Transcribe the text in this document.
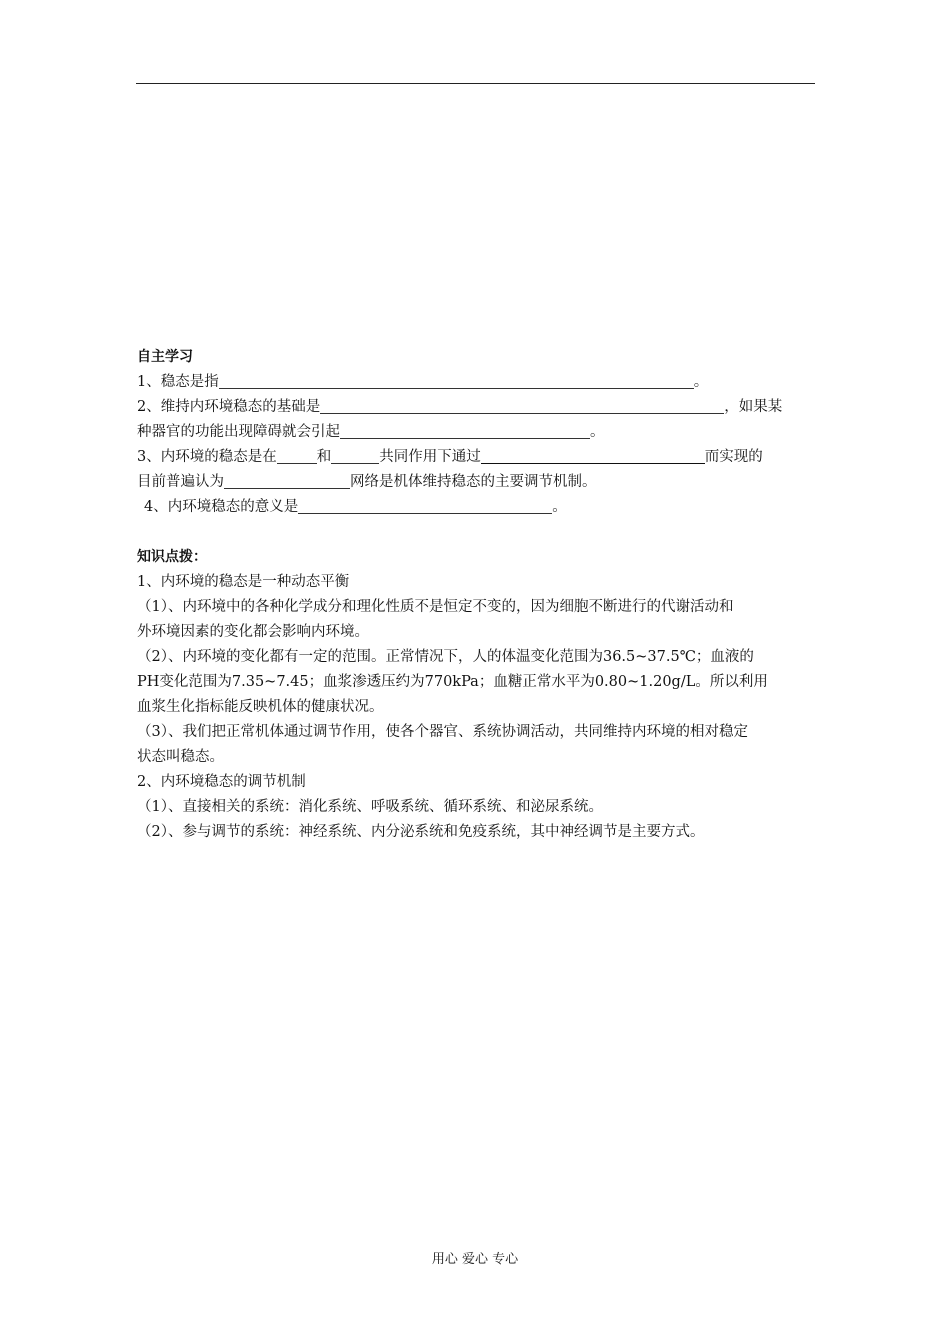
自主学习
1、稳态是指	。
2、维持内环境稳态的基础是	，如果某
种器官的功能出现障碍就会引起	。
3、内环境的稳态是在	和	共同作用下通过	而实现的
目前普遍认为	网络是机体维持稳态的主要调节机制。
4、内环境稳态的意义是	。
知识点拨：
1、内环境的稳态是一种动态平衡
（1）、内环境中的各种化学成分和理化性质不是恒定不变的，因为细胞不断进行的代谢活动和
外环境因素的变化都会影响内环境。
（2）、内环境的变化都有一定的范围。正常情况下，人的体温变化范围为36.5~37.5℃；血液的
PH变化范围为7.35~7.45；血浆渗透压约为770kPa；血糖正常水平为0.80~1.20g/L。所以利用
血浆生化指标能反映机体的健康状况。
（3）、我们把正常机体通过调节作用，使各个器官、系统协调活动，共同维持内环境的相对稳定
状态叫稳态。
2、内环境稳态的调节机制
（1）、直接相关的系统：消化系统、呼吸系统、循环系统、和泌尿系统。
（2）、参与调节的系统：神经系统、内分泌系统和免疫系统，其中神经调节是主要方式。
用心 爱心 专心
